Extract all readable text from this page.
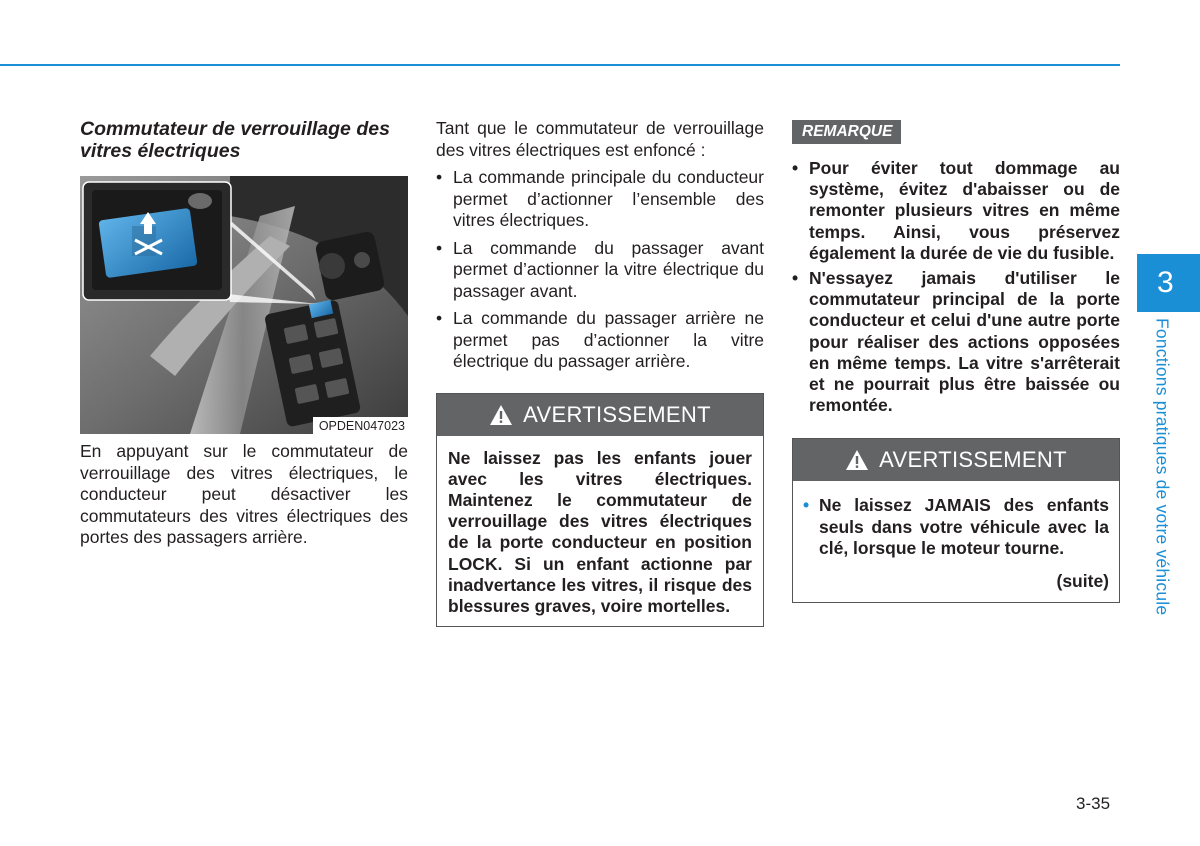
Commutateur de verrouillage des vitres électriques
OPDEN047023

En appuyant sur le commutateur de verrouillage des vitres électriques, le conducteur peut désactiver les commutateurs des vitres électriques des portes des passagers arrière.

Tant que le commutateur de verrouillage des vitres électriques est enfoncé :

• La commande principale du conducteur permet d’actionner l’ensemble des vitres électriques.
• La commande du passager avant permet d’actionner la vitre électrique du passager avant.
• La commande du passager arrière ne permet pas d’actionner la vitre électrique du passager arrière.
AVERTISSEMENT
Ne laissez pas les enfants jouer avec les vitres électriques. Maintenez le commutateur de verrouillage des vitres électriques de la porte conducteur en position LOCK. Si un enfant actionne par inadvertance les vitres, il risque des blessures graves, voire mortelles.
REMARQUE
• Pour éviter tout dommage au système, évitez d'abaisser ou de remonter plusieurs vitres en même temps. Ainsi, vous préservez également la durée de vie du fusible.
• N'essayez jamais d'utiliser le commutateur principal de la porte conducteur et celui d'une autre porte pour réaliser des actions opposées en même temps. La vitre s'arrêterait et ne pourrait plus être baissée ou remontée.
AVERTISSEMENT
• Ne laissez JAMAIS des enfants seuls dans votre véhicule avec la clé, lorsque le moteur tourne.
(suite)
3
Fonctions pratiques de votre véhicule
3-35
